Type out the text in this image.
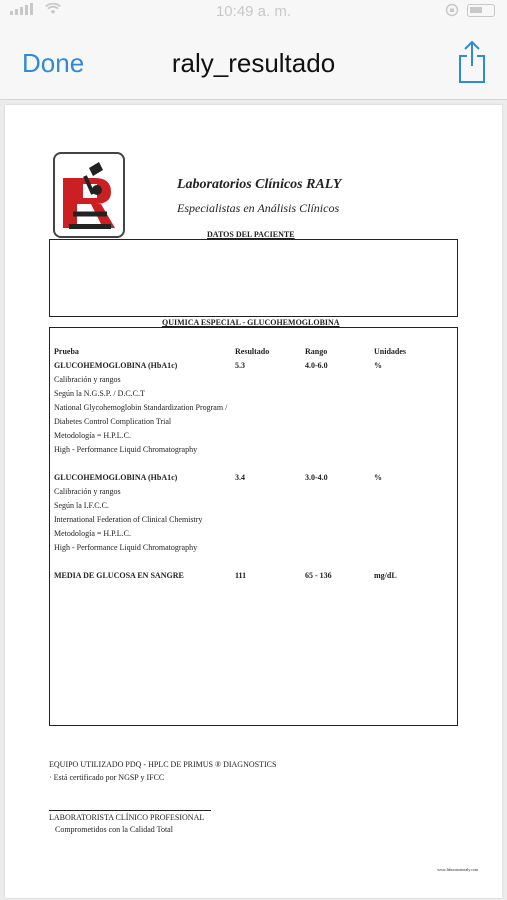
10:49 a. m.
Done	raly_resultado
Laboratorios Clínicos RALY
Especialistas en Análisis Clínicos
DATOS DEL PACIENTE
QUIMICA ESPECIAL - GLUCOHEMOGLOBINA
Prueba	Resultado	Rango	Unidades
GLUCOHEMOGLOBINA (HbA1c)	5.3	4.0-6.0	%
Calibración y rangos
Según la N.G.S.P. / D.C.C.T
National Glycohemoglobin Standardization Program /
Diabetes Control Complication Trial
Metodología = H.P.L.C.
High - Performance Liquid Chromatography
GLUCOHEMOGLOBINA (HbA1c)	3.4	3.0-4.0	%
Calibración y rangos
Según la I.F.C.C.
International Federation of Clinical Chemistry
Metodología = H.P.L.C.
High - Performance Liquid Chromatography
MEDIA DE GLUCOSA EN SANGRE	111	65 - 136	mg/dL
EQUIPO UTILIZADO PDQ - HPLC DE PRIMUS ® DIAGNOSTICS
· Está certificado por NGSP y IFCC
LABORATORISTA CLÍNICO PROFESIONAL
Comprometidos con la Calidad Total
www.laboratorioraly.com
